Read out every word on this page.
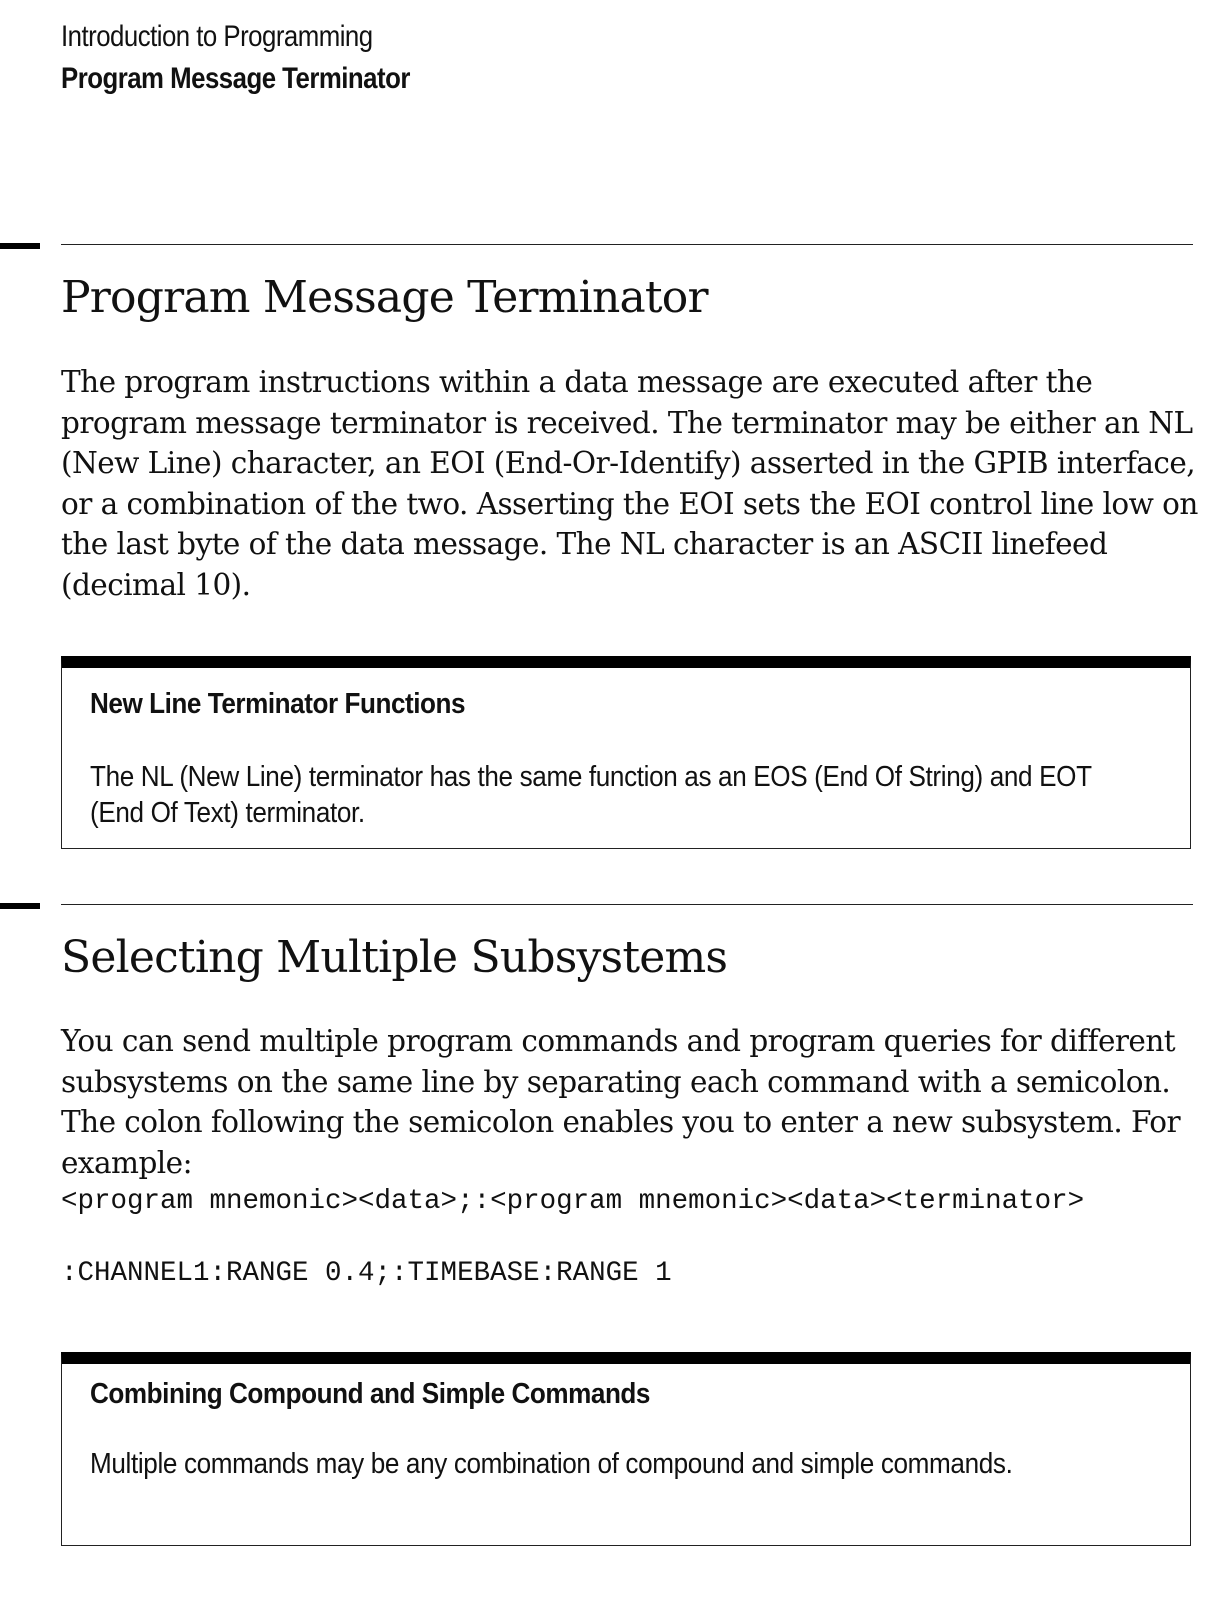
Introduction to Programming
Program Message Terminator
Program Message Terminator

The program instructions within a data message are executed after the program message terminator is received. The terminator may be either an NL (New Line) character, an EOI (End-Or-Identify) asserted in the GPIB interface, or a combination of the two. Asserting the EOI sets the EOI control line low on the last byte of the data message. The NL character is an ASCII linefeed (decimal 10).

New Line Terminator Functions

The NL (New Line) terminator has the same function as an EOS (End Of String) and EOT (End Of Text) terminator.

Selecting Multiple Subsystems

You can send multiple program commands and program queries for different subsystems on the same line by separating each command with a semicolon. The colon following the semicolon enables you to enter a new subsystem. For example:

<program mnemonic><data>;:<program mnemonic><data><terminator>

:CHANNEL1:RANGE 0.4;:TIMEBASE:RANGE 1

Combining Compound and Simple Commands

Multiple commands may be any combination of compound and simple commands.
